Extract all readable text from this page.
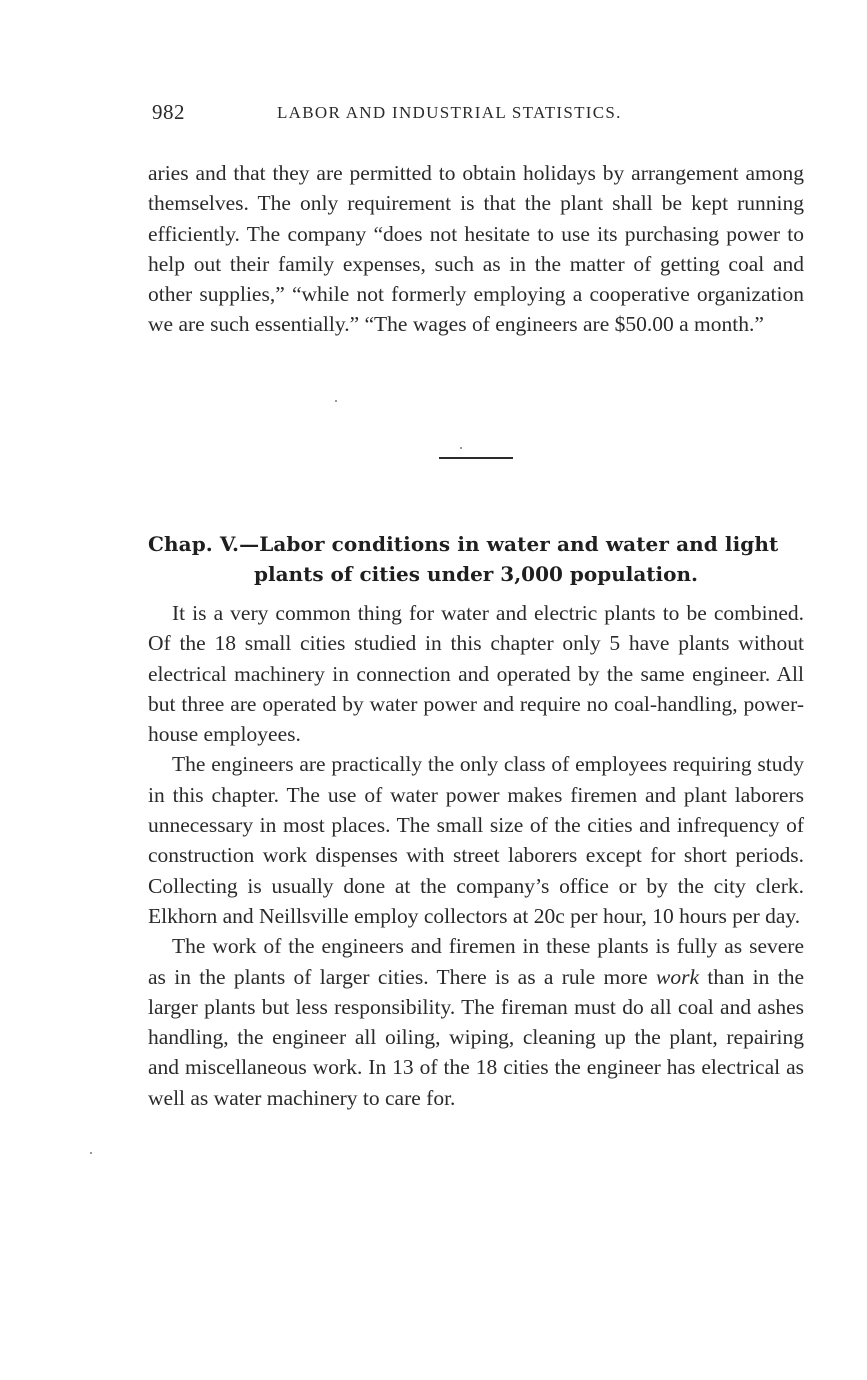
982	LABOR AND INDUSTRIAL STATISTICS.

aries and that they are permitted to obtain holidays by arrangement among themselves. The only requirement is that the plant shall be kept running efficiently. The company “does not hesitate to use its purchasing power to help out their family expenses, such as in the matter of getting coal and other supplies,” “while not formerly employing a cooperative organization we are such essentially.” “The wages of engineers are $50.00 a month.”

Chap. V.—Labor conditions in water and water and light
plants of cities under 3,000 population.

It is a very common thing for water and electric plants to be combined. Of the 18 small cities studied in this chapter only 5 have plants without electrical machinery in connection and operated by the same engineer. All but three are operated by water power and require no coal-handling, power-house employees.

The engineers are practically the only class of employees requiring study in this chapter. The use of water power makes firemen and plant laborers unnecessary in most places. The small size of the cities and infrequency of construction work dispenses with street laborers except for short periods. Collecting is usually done at the company’s office or by the city clerk. Elkhorn and Neillsville employ collectors at 20c per hour, 10 hours per day.

The work of the engineers and firemen in these plants is fully as severe as in the plants of larger cities. There is as a rule more work than in the larger plants but less responsibility. The fireman must do all coal and ashes handling, the engineer all oiling, wiping, cleaning up the plant, repairing and miscellaneous work. In 13 of the 18 cities the engineer has electrical as well as water machinery to care for.
